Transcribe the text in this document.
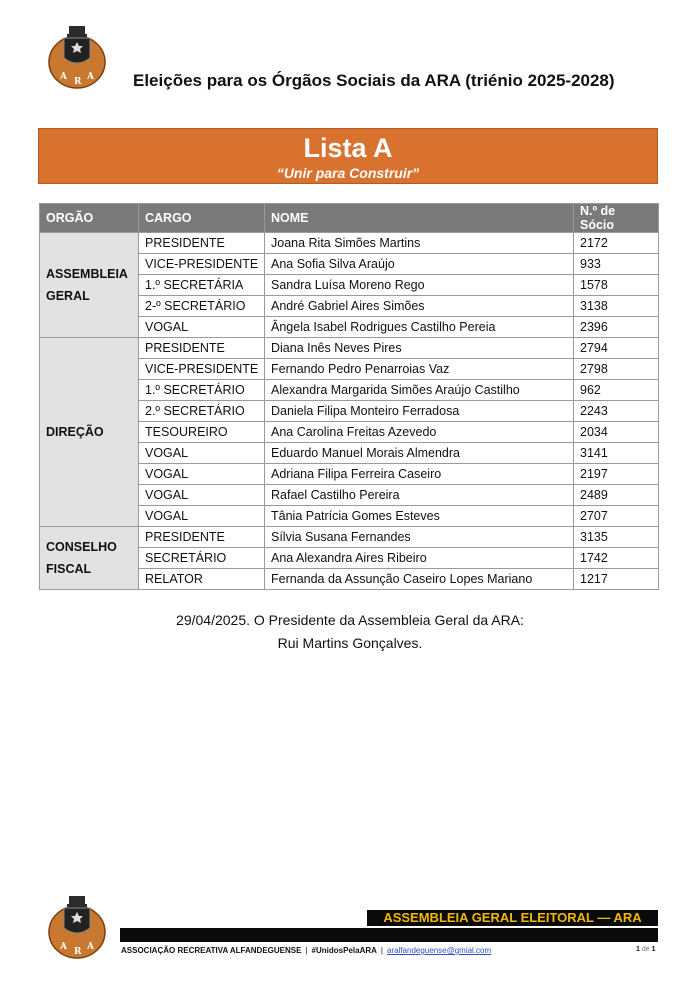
A R A Eleições para os Órgãos Sociais da ARA (triénio 2025-2028)
Lista A
“Unir para Construir”
ORGÃO	CARGO	NOME	N.º de Sócio
ASSEMBLEIA GERAL	PRESIDENTE	Joana Rita Simões Martins	2172
	VICE-PRESIDENTE	Ana Sofia Silva Araújo	933
	1.º SECRETÁRIA	Sandra Luísa Moreno Rego	1578
	2-º SECRETÁRIO	André Gabriel Aires Simões	3138
	VOGAL	Ângela Isabel Rodrigues Castilho Pereia	2396
DIREÇÃO	PRESIDENTE	Diana Inês Neves Pires	2794
	VICE-PRESIDENTE	Fernando Pedro Penarroias Vaz	2798
	1.º SECRETÁRIO	Alexandra Margarida Simões Araújo Castilho	962
	2.º SECRETÁRIO	Daniela Filipa Monteiro Ferradosa	2243
	TESOUREIRO	Ana Carolina Freitas Azevedo	2034
	VOGAL	Eduardo Manuel Morais Almendra	3141
	VOGAL	Adriana Filipa Ferreira Caseiro	2197
	VOGAL	Rafael Castilho Pereira	2489
	VOGAL	Tânia Patrícia Gomes Esteves	2707
CONSELHO FISCAL	PRESIDENTE	Sílvia Susana Fernandes	3135
	SECRETÁRIO	Ana Alexandra Aires Ribeiro	1742
	RELATOR	Fernanda da Assunção Caseiro Lopes Mariano	1217
29/04/2025. O Presidente da Assembleia Geral da ARA:
Rui Martins Gonçalves.
A R A
ASSEMBLEIA GERAL ELEITORAL — ARA
ASSOCIAÇÃO RECREATIVA ALFANDEGUENSE | #UnidosPelaARA | aralfandeguense@gmial.com	1 de 1
